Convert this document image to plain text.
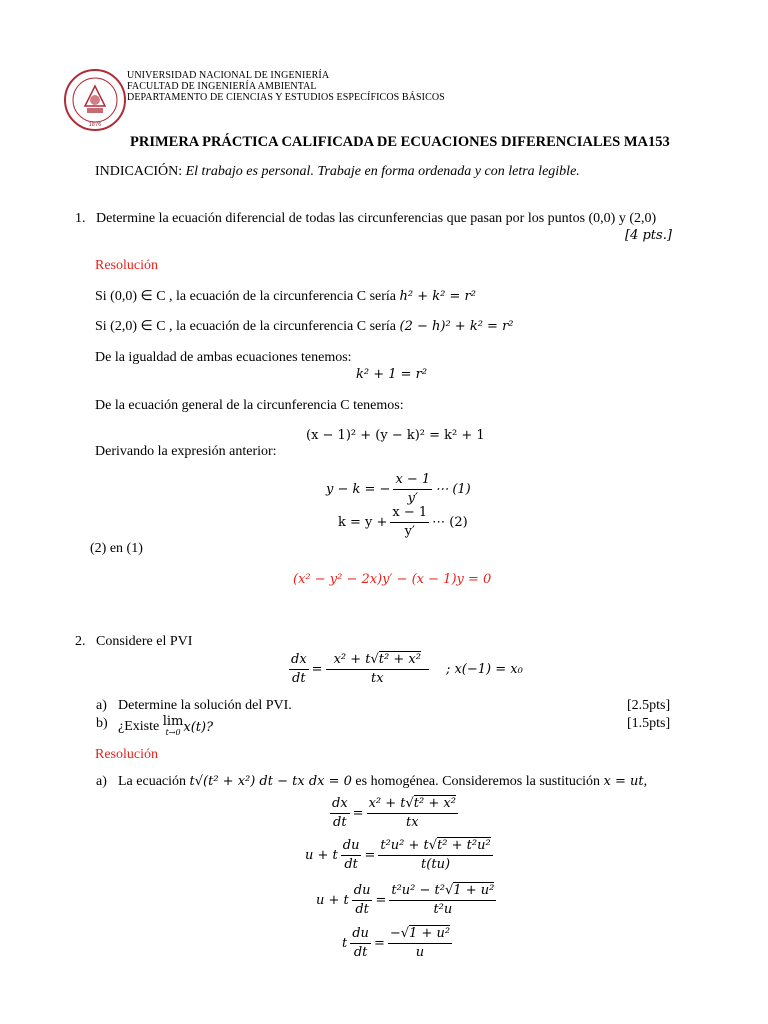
1876
UNIVERSIDAD NACIONAL DE INGENIERÍA
FACULTAD DE INGENIERÍA AMBIENTAL
DEPARTAMENTO DE CIENCIAS Y ESTUDIOS ESPECÍFICOS BÁSICOS
PRIMERA PRÁCTICA CALIFICADA DE ECUACIONES DIFERENCIALES MA153
INDICACIÓN: El trabajo es personal. Trabaje en forma ordenada y con letra legible.
1. Determine la ecuación diferencial de todas las circunferencias que pasan por los puntos (0,0) y (2,0)
[4 pts.]
Resolución
Si (0,0) ∈ C , la ecuación de la circunferencia C sería h² + k² = r²
Si (2,0) ∈ C , la ecuación de la circunferencia C sería (2 − h)² + k² = r²
De la igualdad de ambas ecuaciones tenemos:
k² + 1 = r²
De la ecuación general de la circunferencia C tenemos:
(x − 1)² + (y − k)² = k² + 1
Derivando la expresión anterior:
y − k = − $\frac{x - 1}{y'}$ ⋯ (1)
$k = y + \frac{x - 1}{y'}$ ⋯ (2)
(2) en (1)
(x² − y² − 2x)y′ − (x − 1)y = 0
2. Considere el PVI
$\frac{dx}{dt} = \frac{\text{x² + t√t² + x²}}{tx}$ ; x(−1) = x₀
a) Determine la solución del PVI.	[2.5pts]
b) ¿Existe
lim
t→0 x(t)?	[1.5pts]
Resolución
a) La ecuación t√(t² + x²) dt − tx dx = 0 es homogénea. Consideremos la sustitución x = ut,
$\frac{dx}{dt} = \frac{\text{x² + t√t² + x²}}{tx}$
u + t $\frac{du}{dt} = \frac{\text{t²u² + t√t² + t²u²}}{t(tu)}$
u + t $\frac{du}{dt} = \frac{\text{t²u² − t²√1 + u²}}{\text{t²u}}$
t $\frac{du}{dt} = \frac{\text{−√1 + u²}}{u}$
